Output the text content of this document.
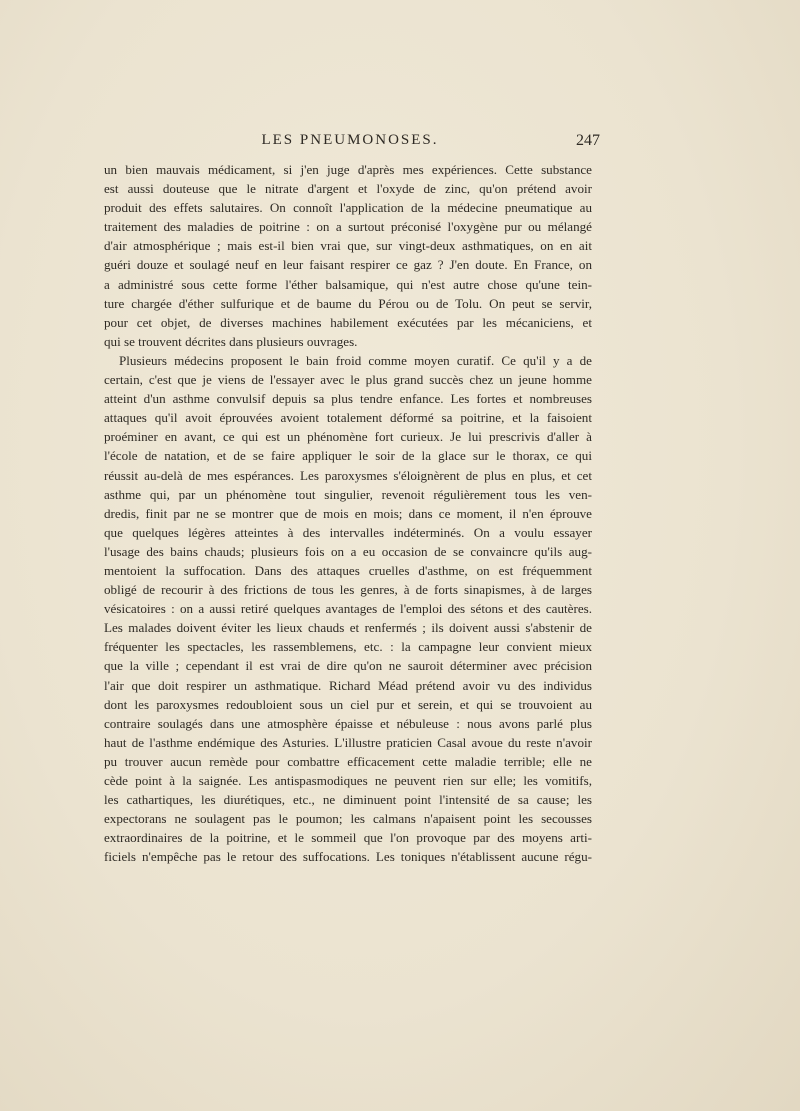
LES PNEUMONOSES.	247
un bien mauvais médicament, si j'en juge d'après mes expériences. Cette substance
est aussi douteuse que le nitrate d'argent et l'oxyde de zinc, qu'on prétend avoir
produit des effets salutaires. On connoît l'application de la médecine pneumatique au
traitement des maladies de poitrine : on a surtout préconisé l'oxygène pur ou mélangé
d'air atmosphérique ; mais est-il bien vrai que, sur vingt-deux asthmatiques, on en ait
guéri douze et soulagé neuf en leur faisant respirer ce gaz ? J'en doute. En France, on
a administré sous cette forme l'éther balsamique, qui n'est autre chose qu'une tein-
ture chargée d'éther sulfurique et de baume du Pérou ou de Tolu. On peut se servir,
pour cet objet, de diverses machines habilement exécutées par les mécaniciens, et
qui se trouvent décrites dans plusieurs ouvrages.
Plusieurs médecins proposent le bain froid comme moyen curatif. Ce qu'il y a de
certain, c'est que je viens de l'essayer avec le plus grand succès chez un jeune homme
atteint d'un asthme convulsif depuis sa plus tendre enfance. Les fortes et nombreuses
attaques qu'il avoit éprouvées avoient totalement déformé sa poitrine, et la faisoient
proéminer en avant, ce qui est un phénomène fort curieux. Je lui prescrivis d'aller à
l'école de natation, et de se faire appliquer le soir de la glace sur le thorax, ce qui
réussit au-delà de mes espérances. Les paroxysmes s'éloignèrent de plus en plus, et cet
asthme qui, par un phénomène tout singulier, revenoit régulièrement tous les ven-
dredis, finit par ne se montrer que de mois en mois; dans ce moment, il n'en éprouve
que quelques légères atteintes à des intervalles indéterminés. On a voulu essayer
l'usage des bains chauds; plusieurs fois on a eu occasion de se convaincre qu'ils aug-
mentoient la suffocation. Dans des attaques cruelles d'asthme, on est fréquemment
obligé de recourir à des frictions de tous les genres, à de forts sinapismes, à de larges
vésicatoires : on a aussi retiré quelques avantages de l'emploi des sétons et des cautères.
Les malades doivent éviter les lieux chauds et renfermés ; ils doivent aussi s'abstenir de
fréquenter les spectacles, les rassemblemens, etc. : la campagne leur convient mieux
que la ville ; cependant il est vrai de dire qu'on ne sauroit déterminer avec précision
l'air que doit respirer un asthmatique. Richard Méad prétend avoir vu des individus
dont les paroxysmes redoubloient sous un ciel pur et serein, et qui se trouvoient au
contraire soulagés dans une atmosphère épaisse et nébuleuse : nous avons parlé plus
haut de l'asthme endémique des Asturies. L'illustre praticien Casal avoue du reste n'avoir
pu trouver aucun remède pour combattre efficacement cette maladie terrible; elle ne
cède point à la saignée. Les antispasmodiques ne peuvent rien sur elle; les vomitifs,
les cathartiques, les diurétiques, etc., ne diminuent point l'intensité de sa cause; les
expectorans ne soulagent pas le poumon; les calmans n'apaisent point les secousses
extraordinaires de la poitrine, et le sommeil que l'on provoque par des moyens arti-
ficiels n'empêche pas le retour des suffocations. Les toniques n'établissent aucune régu-
